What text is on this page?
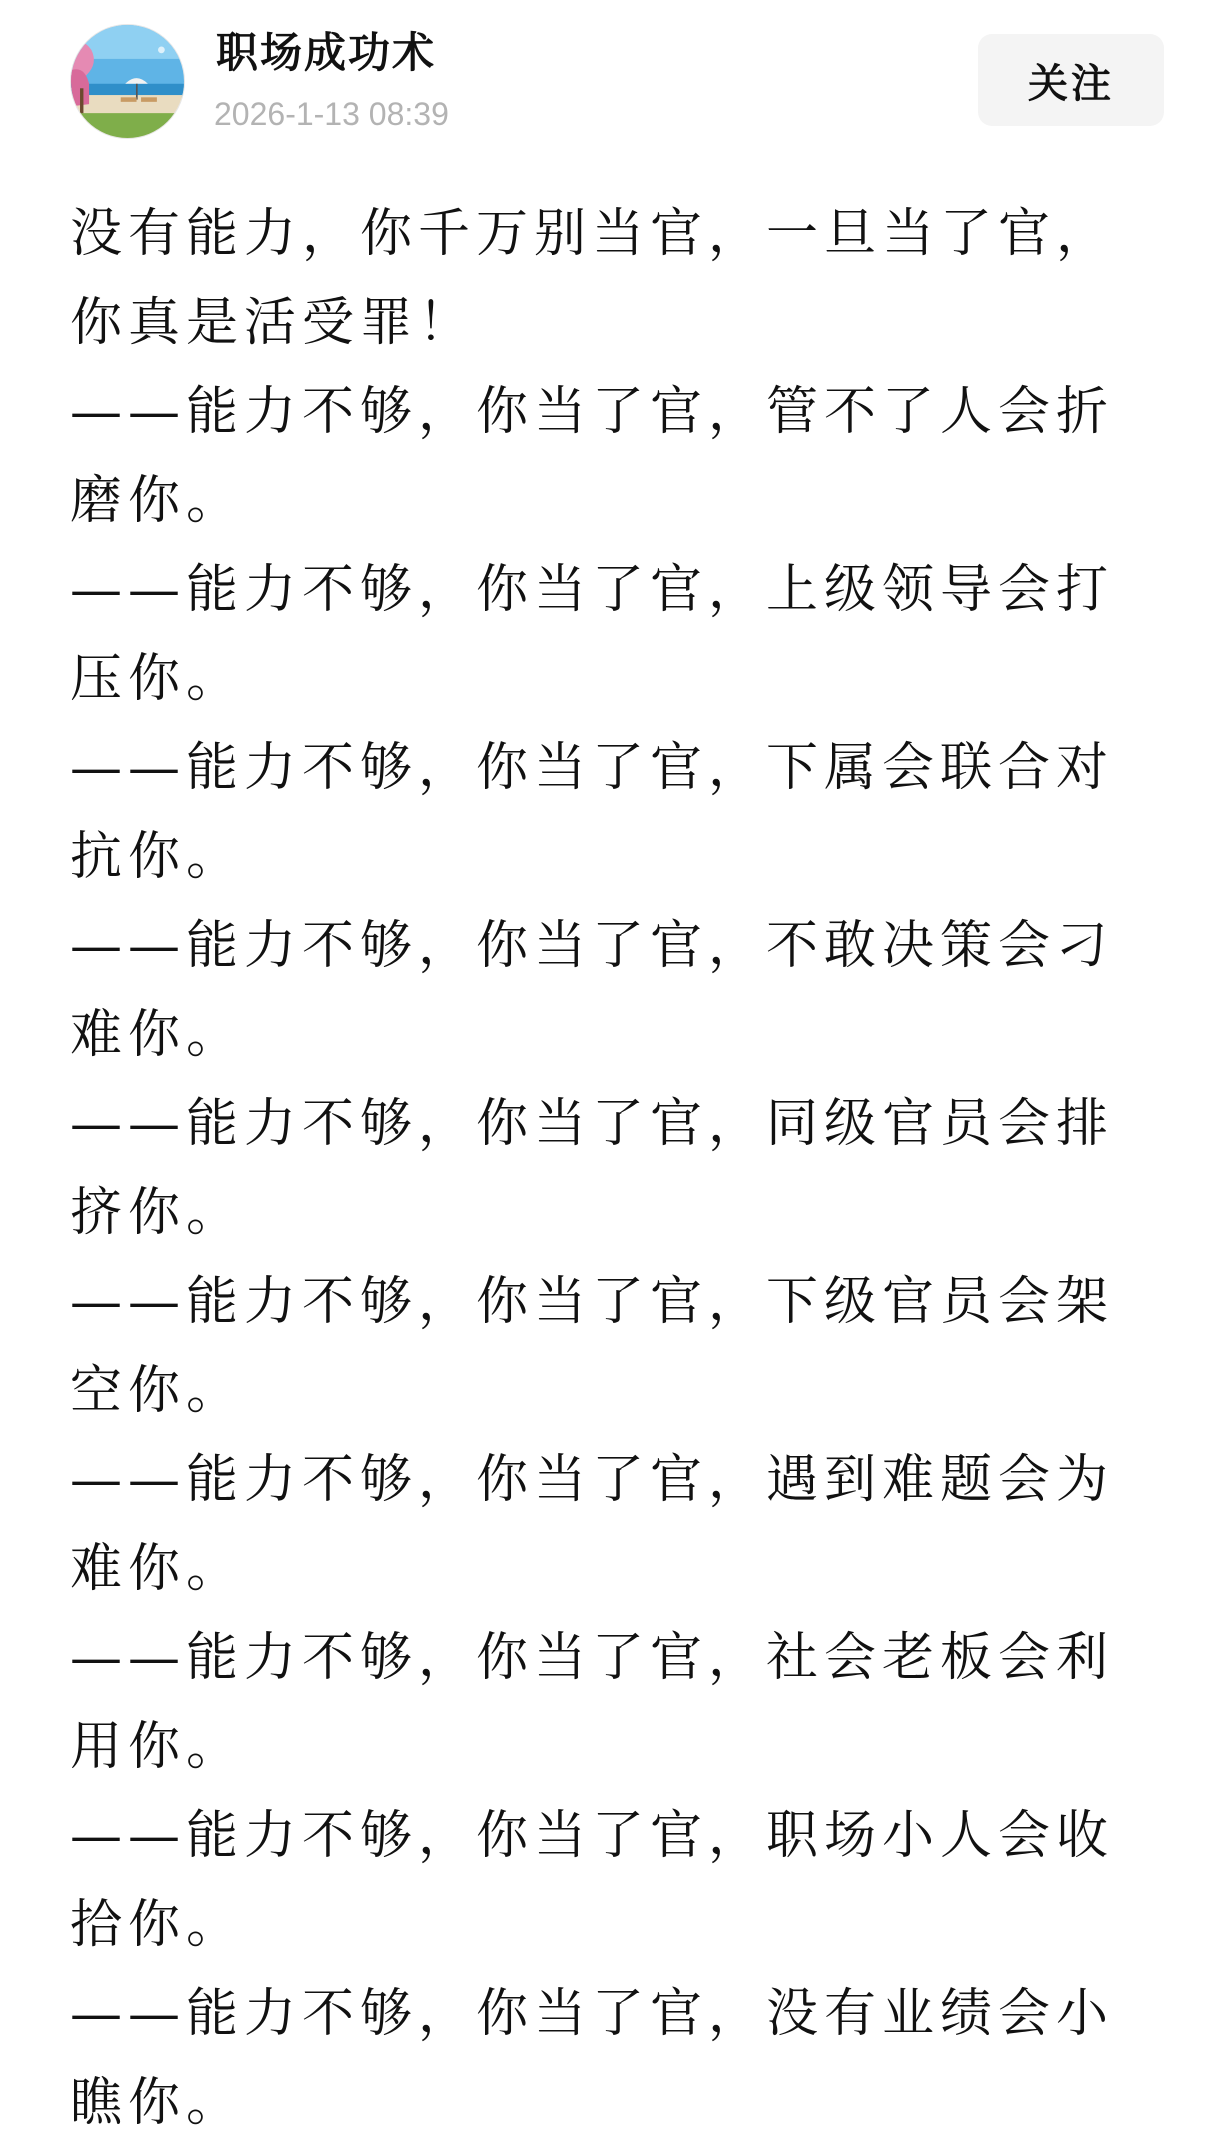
职场成功术
2026-1-13 08:39
关注

没有能力，你千万别当官，一旦当了官，你真是活受罪！

——能力不够，你当了官，管不了人会折磨你。

——能力不够，你当了官，上级领导会打压你。

——能力不够，你当了官，下属会联合对抗你。

——能力不够，你当了官，不敢决策会刁难你。

——能力不够，你当了官，同级官员会排挤你。

——能力不够，你当了官，下级官员会架空你。

——能力不够，你当了官，遇到难题会为难你。

——能力不够，你当了官，社会老板会利用你。

——能力不够，你当了官，职场小人会收拾你。

——能力不够，你当了官，没有业绩会小瞧你。
